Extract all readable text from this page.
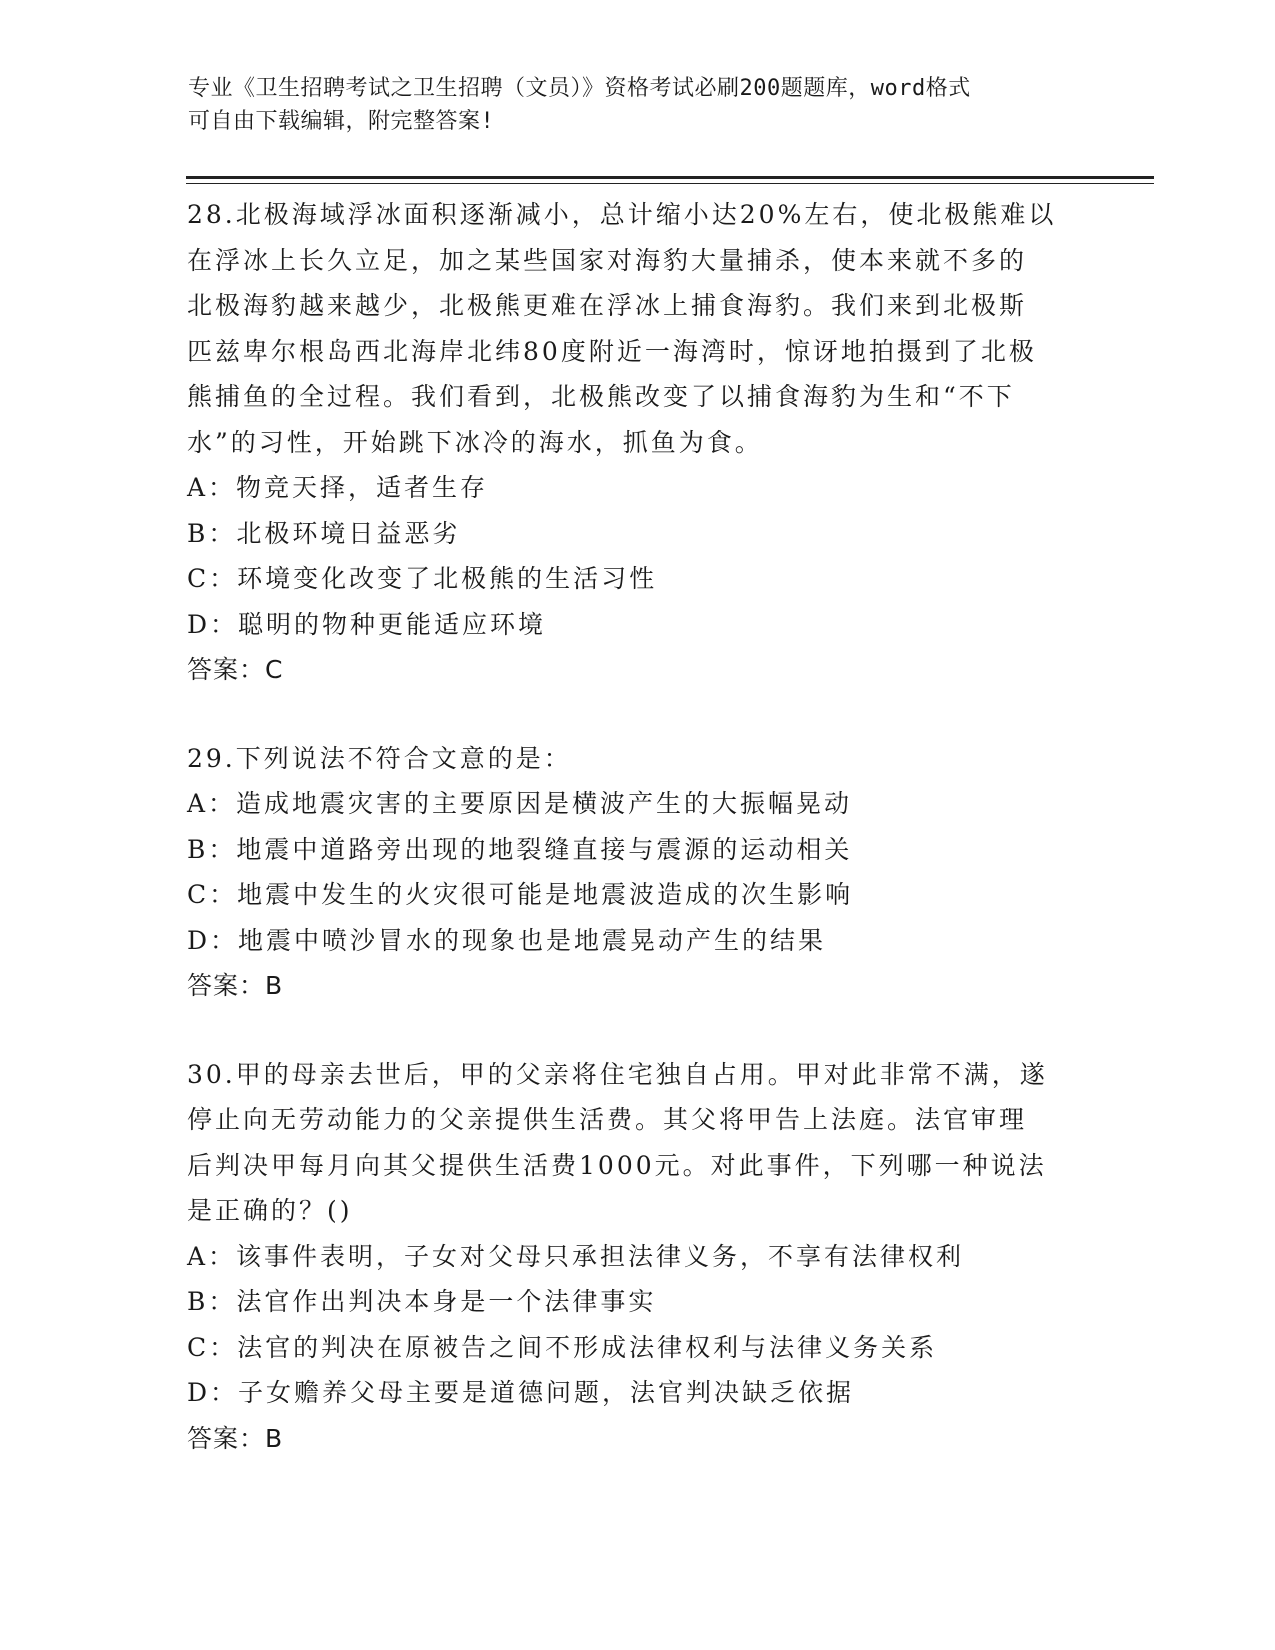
专业《卫生招聘考试之卫生招聘（文员）》资格考试必刷200题题库，word格式
可自由下载编辑，附完整答案!
28.北极海域浮冰面积逐渐减小，总计缩小达20%左右，使北极熊难以
在浮冰上长久立足，加之某些国家对海豹大量捕杀，使本来就不多的
北极海豹越来越少，北极熊更难在浮冰上捕食海豹。我们来到北极斯
匹兹卑尔根岛西北海岸北纬80度附近一海湾时，惊讶地拍摄到了北极
熊捕鱼的全过程。我们看到，北极熊改变了以捕食海豹为生和“不下
水”的习性，开始跳下冰冷的海水，抓鱼为食。
A：物竞天择，适者生存
B：北极环境日益恶劣
C：环境变化改变了北极熊的生活习性
D：聪明的物种更能适应环境
答案：C
29.下列说法不符合文意的是：
A：造成地震灾害的主要原因是横波产生的大振幅晃动
B：地震中道路旁出现的地裂缝直接与震源的运动相关
C：地震中发生的火灾很可能是地震波造成的次生影响
D：地震中喷沙冒水的现象也是地震晃动产生的结果
答案：B
30.甲的母亲去世后，甲的父亲将住宅独自占用。甲对此非常不满，遂
停止向无劳动能力的父亲提供生活费。其父将甲告上法庭。法官审理
后判决甲每月向其父提供生活费1000元。对此事件，下列哪一种说法
是正确的？()
A：该事件表明，子女对父母只承担法律义务，不享有法律权利
B：法官作出判决本身是一个法律事实
C：法官的判决在原被告之间不形成法律权利与法律义务关系
D：子女赡养父母主要是道德问题，法官判决缺乏依据
答案：B
